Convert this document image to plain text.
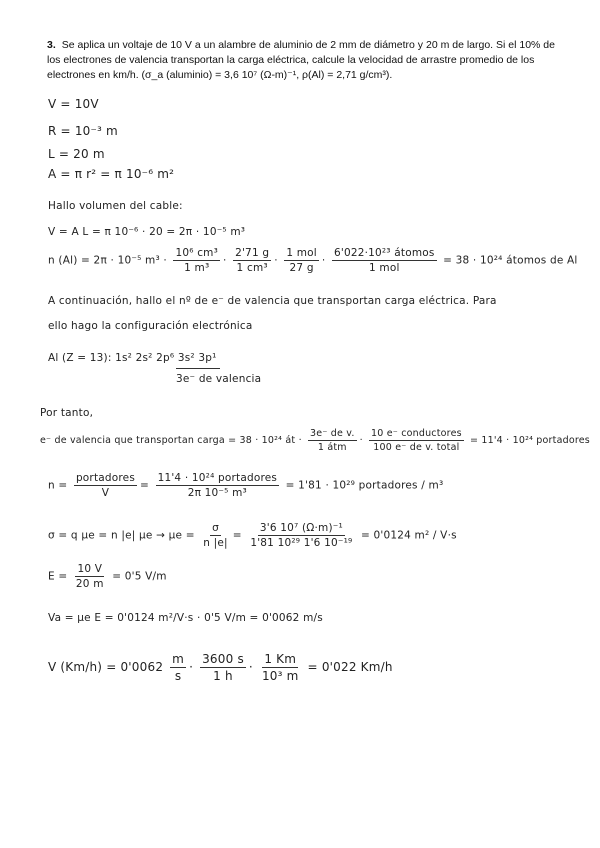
3. Se aplica un voltaje de 10 V a un alambre de aluminio de 2 mm de diámetro y 20 m de largo. Si el 10% de los electrones de valencia transportan la carga eléctrica, calcule la velocidad de arrastre promedio de los electrones en km/h. (σ_a (aluminio) = 3,6 10⁷ (Ω-m)⁻¹, ρ(Al) = 2,71 g/cm³).
V = 10V
R = 10⁻³ m
L = 20 m
A = π r² = π 10⁻⁶ m²
Hallo volumen del cable:
V = A L = π 10⁻⁶ · 20 = 2π · 10⁻⁵ m³
n (Al) = 2π · 10⁻⁵ $m^3 \cdot \frac{\text{10⁶ cm³}}{\text{1 m³}} \cdot \frac{2'71 g}{\text{1 cm³}} \cdot \frac{\text{1 mol}}{27 g} \cdot \frac{\text{6'022·10²³ átomos}}{\text{1 mol}} = 38 \cdot 10^{24}$ átomos de Al
A continuación, hallo el nº de e⁻ de valencia que transportan carga eléctrica. Para
ello hago la configuración electrónica
Al (Z = 13): 1s² 2s² 2p⁶ 3s² 3p¹
3e⁻ de valencia
Por tanto,
e⁻ de valencia que transportan carga = 38 · 10²⁴ át · $\frac{\text{3e⁻ de v.}}{\text{1 átm}} \cdot \frac{\text{10 e⁻ conductores}}{\text{100 e⁻ de v. total}} = 11'4 \cdot 10^{24}$ portadores
$n = \frac{\text{portadores}}{V} = \frac{\text{11'4 · 10²⁴ portadores}}{\text{2π 10⁻⁵ m³}} = 1'81 \cdot 10^{29}$ portadores / m³
σ = q μe = n |e| $\mu e \to \mu e = \frac{\sigma}{n |e|} = \frac{\text{3'6 10⁷ (Ω·m)⁻¹}}{\text{1'81 10²⁹ 1'6 10⁻¹⁹}} = 0'0124$ m² / V·s
$E = \frac{10 V}{20 m} = 0'5$ V/m
Va = μe E = 0'0124 m²/V·s · 0'5 V/m = 0'0062 m/s
V $(Km/h) = 0'0062 \frac{m}{s} \cdot \frac{3600 s}{1 h} \cdot \frac{1 Km}{\text{10³ m}} = 0'022$ Km/h
